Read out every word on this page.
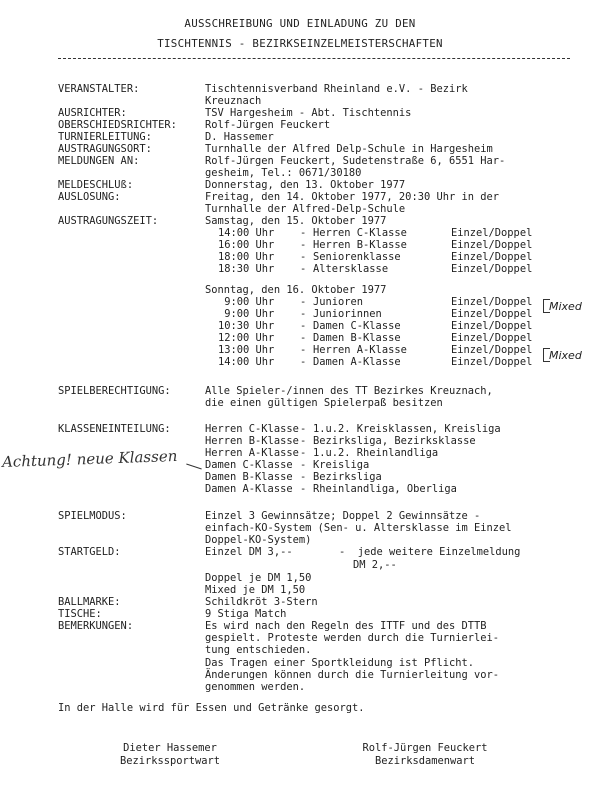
AUSSCHREIBUNG UND EINLADUNG ZU DEN
TISCHTENNIS - BEZIRKSEINZELMEISTERSCHAFTEN
VERANSTALTER:	Tischtennisverband Rheinland e.V. - Bezirk
Kreuznach
AUSRICHTER:	TSV Hargesheim - Abt. Tischtennis
OBERSCHIEDSRICHTER:	Rolf-Jürgen Feuckert
TURNIERLEITUNG:	D. Hassemer
AUSTRAGUNGSORT:	Turnhalle der Alfred Delp-Schule in Hargesheim
MELDUNGEN AN:	Rolf-Jürgen Feuckert, Sudetenstraße 6, 6551 Har-
gesheim, Tel.: 0671/30180
MELDESCHLUß:	Donnerstag, den 13. Oktober 1977
AUSLOSUNG:	Freitag, den 14. Oktober 1977, 20:30 Uhr in der
Turnhalle der Alfred-Delp-Schule
AUSTRAGUNGSZEIT:	Samstag, den 15. Oktober 1977
14:00 Uhr - Herren C-Klasse	Einzel/Doppel
16:00 Uhr - Herren B-Klasse	Einzel/Doppel
18:00 Uhr - Seniorenklasse	Einzel/Doppel
18:30 Uhr - Altersklasse	Einzel/Doppel
Sonntag, den 16. Oktober 1977
9:00 Uhr - Junioren	Einzel/Doppel
9:00 Uhr - Juniorinnen	Einzel/Doppel
Mixed
10:30 Uhr - Damen C-Klasse	Einzel/Doppel
12:00 Uhr - Damen B-Klasse	Einzel/Doppel
13:00 Uhr - Herren A-Klasse	Einzel/Doppel
14:00 Uhr - Damen A-Klasse	Einzel/Doppel Mixed
SPIELBERECHTIGUNG:	Alle Spieler-/innen des TT Bezirkes Kreuznach,
die einen gültigen Spielerpaß besitzen
KLASSENEINTEILUNG:	Herren C-Klasse - 1.u.2. Kreisklassen, Kreisliga
Herren B-Klasse - Bezirksliga, Bezirksklasse
Herren A-Klasse - 1.u.2. Rheinlandliga
Damen C-Klasse - Kreisliga
Damen B-Klasse - Bezirksliga
Damen A-Klasse - Rheinlandliga, Oberliga
Achtung! neue Klassen
SPIELMODUS:	Einzel 3 Gewinnsätze; Doppel 2 Gewinnsätze -
einfach-KO-System (Sen- u. Altersklasse im Einzel
Doppel-KO-System)
STARTGELD:	Einzel DM 3,--	-  jede weitere Einzelmeldung
DM 2,--
Doppel je DM 1,50
Mixed je DM 1,50
BALLMARKE:	Schildkröt 3-Stern
TISCHE:	9 Stiga Match
BEMERKUNGEN:	Es wird nach den Regeln des ITTF und des DTTB
gespielt. Proteste werden durch die Turnierlei-
tung entschieden.
Das Tragen einer Sportkleidung ist Pflicht.
Änderungen können durch die Turnierleitung vor-
genommen werden.
In der Halle wird für Essen und Getränke gesorgt.
Dieter Hassemer
Bezirkssportwart
Rolf-Jürgen Feuckert
Bezirksdamenwart
